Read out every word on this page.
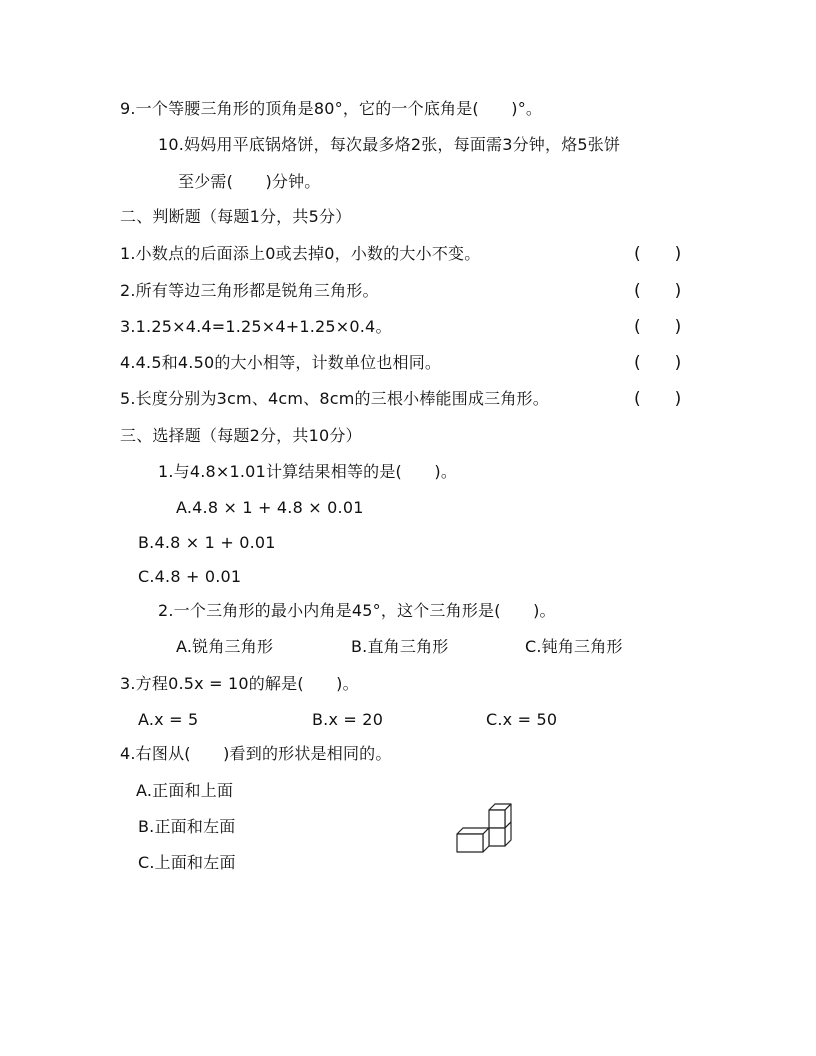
9.一个等腰三角形的顶角是80°，它的一个底角是(　　)°。
10.妈妈用平底锅烙饼，每次最多烙2张，每面需3分钟，烙5张饼
至少需(　　)分钟。
二、判断题（每题1分，共5分）
1.小数点的后面添上0或去掉0，小数的大小不变。	(　　)
2.所有等边三角形都是锐角三角形。	(　　)
3.1.25×4.4=1.25×4+1.25×0.4。	(　　)
4.4.5和4.50的大小相等，计数单位也相同。	(　　)
5.长度分别为3cm、4cm、8cm的三根小棒能围成三角形。	(　　)
三、选择题（每题2分，共10分）
1.与4.8×1.01计算结果相等的是(　　)。
A.4.8 × 1 + 4.8 × 0.01
B.4.8 × 1 + 0.01
C.4.8 + 0.01
2.一个三角形的最小内角是45°，这个三角形是(　　)。
A.锐角三角形	B.直角三角形	C.钝角三角形
3.方程0.5x = 10的解是(　　)。
A.x = 5	B.x = 20	C.x = 50
4.右图从(　　)看到的形状是相同的。
A.正面和上面
B.正面和左面
C.上面和左面
